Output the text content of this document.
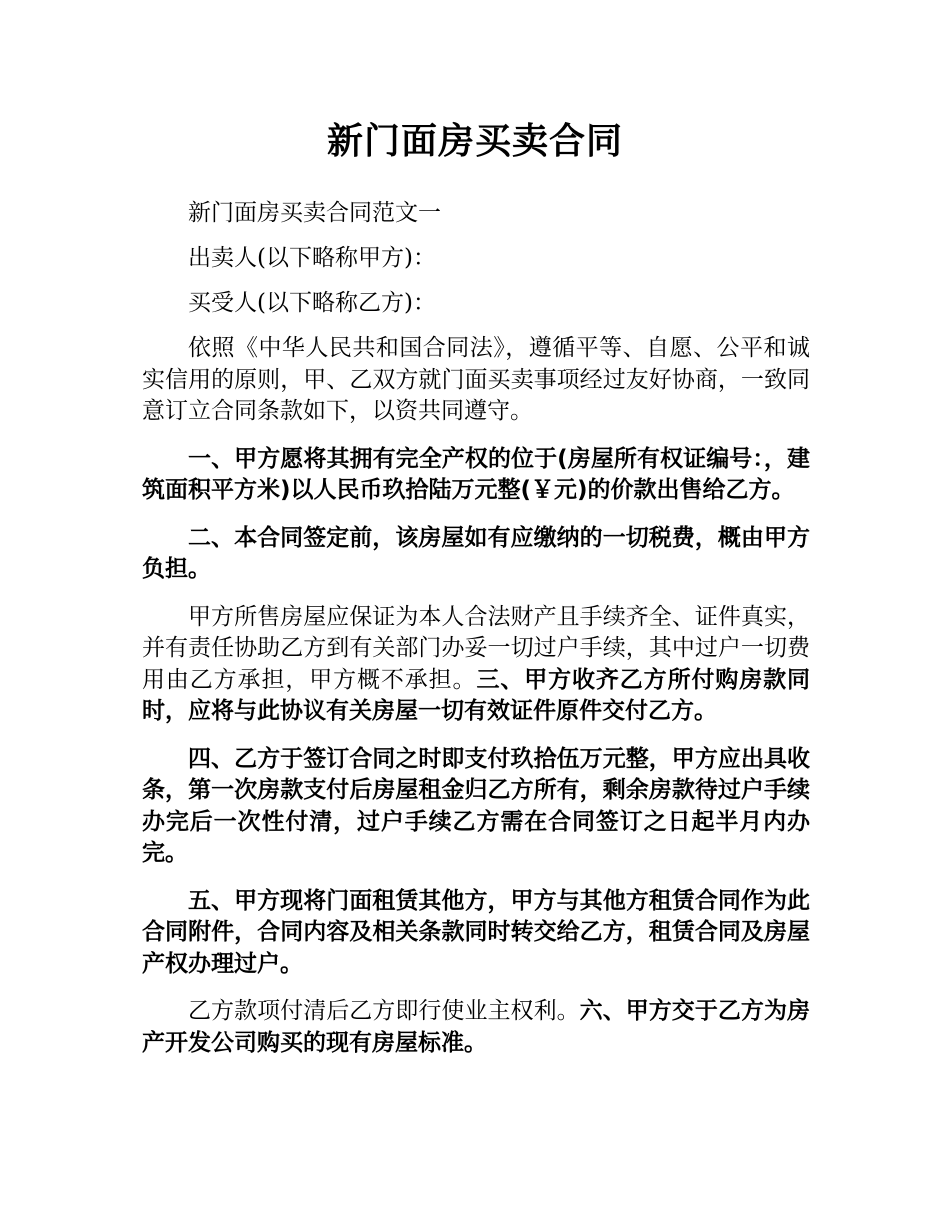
新门面房买卖合同

新门面房买卖合同范文一

出卖人(以下略称甲方)：

买受人(以下略称乙方)：

依照《中华人民共和国合同法》，遵循平等、自愿、公平和诚实信用的原则，甲、乙双方就门面买卖事项经过友好协商，一致同意订立合同条款如下，以资共同遵守。

一、甲方愿将其拥有完全产权的位于(房屋所有权证编号：，建筑面积平方米)以人民币玖拾陆万元整(￥元)的价款出售给乙方。

二、本合同签定前，该房屋如有应缴纳的一切税费，概由甲方负担。

甲方所售房屋应保证为本人合法财产且手续齐全、证件真实，并有责任协助乙方到有关部门办妥一切过户手续，其中过户一切费用由乙方承担，甲方概不承担。三、甲方收齐乙方所付购房款同时，应将与此协议有关房屋一切有效证件原件交付乙方。

四、乙方于签订合同之时即支付玖拾伍万元整，甲方应出具收条，第一次房款支付后房屋租金归乙方所有，剩余房款待过户手续办完后一次性付清，过户手续乙方需在合同签订之日起半月内办完。

五、甲方现将门面租赁其他方，甲方与其他方租赁合同作为此合同附件，合同内容及相关条款同时转交给乙方，租赁合同及房屋产权办理过户。

乙方款项付清后乙方即行使业主权利。六、甲方交于乙方为房产开发公司购买的现有房屋标准。
